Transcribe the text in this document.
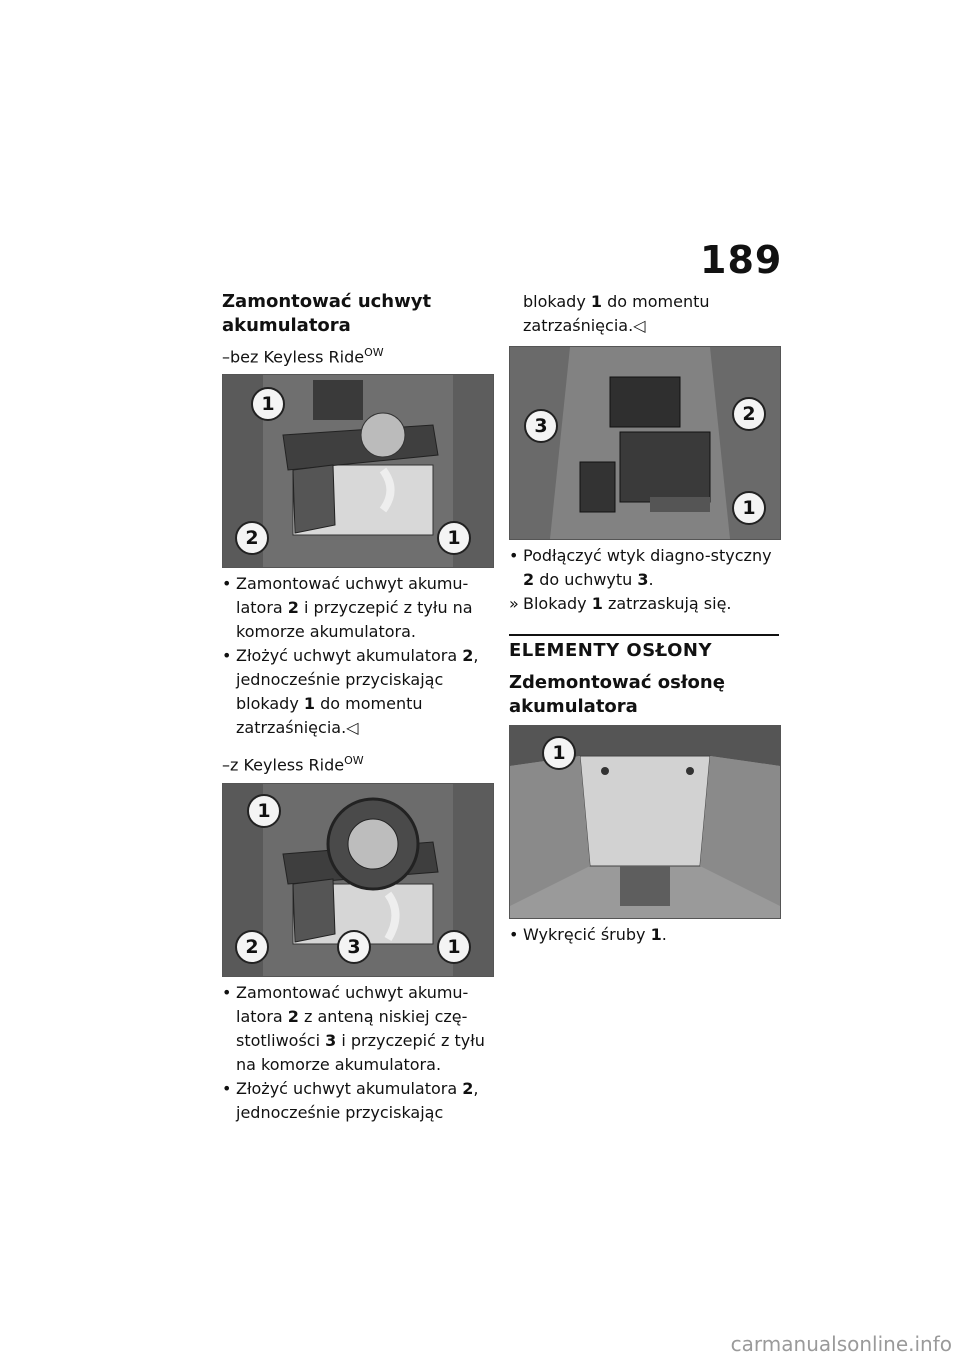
189
Zamontować uchwyt akumulatora
–bez Keyless Ride$^{OW}$
1
2	1
• Zamontować uchwyt akumu-latora 2 i przyczepić z tyłu na komorze akumulatora.
• Złożyć uchwyt akumulatora 2, jednocześnie przyciskając blokady 1 do momentu zatrzaśnięcia.◁
–z Keyless Ride$^{OW}$
1
2	3	1
• Zamontować uchwyt akumu-latora 2 z anteną niskiej czę-stotliwości 3 i przyczepić z tyłu na komorze akumulatora.
• Złożyć uchwyt akumulatora 2, jednocześnie przyciskając
blokady 1 do momentu zatrzaśnięcia.◁
3
2
1
• Podłączyć wtyk diagno-styczny 2 do uchwytu 3.
» Blokady 1 zatrzaskują się.
ELEMENTY OSŁONY
Zdemontować osłonę akumulatora
1
• Wykręcić śruby 1.
carmanualsonline.info
